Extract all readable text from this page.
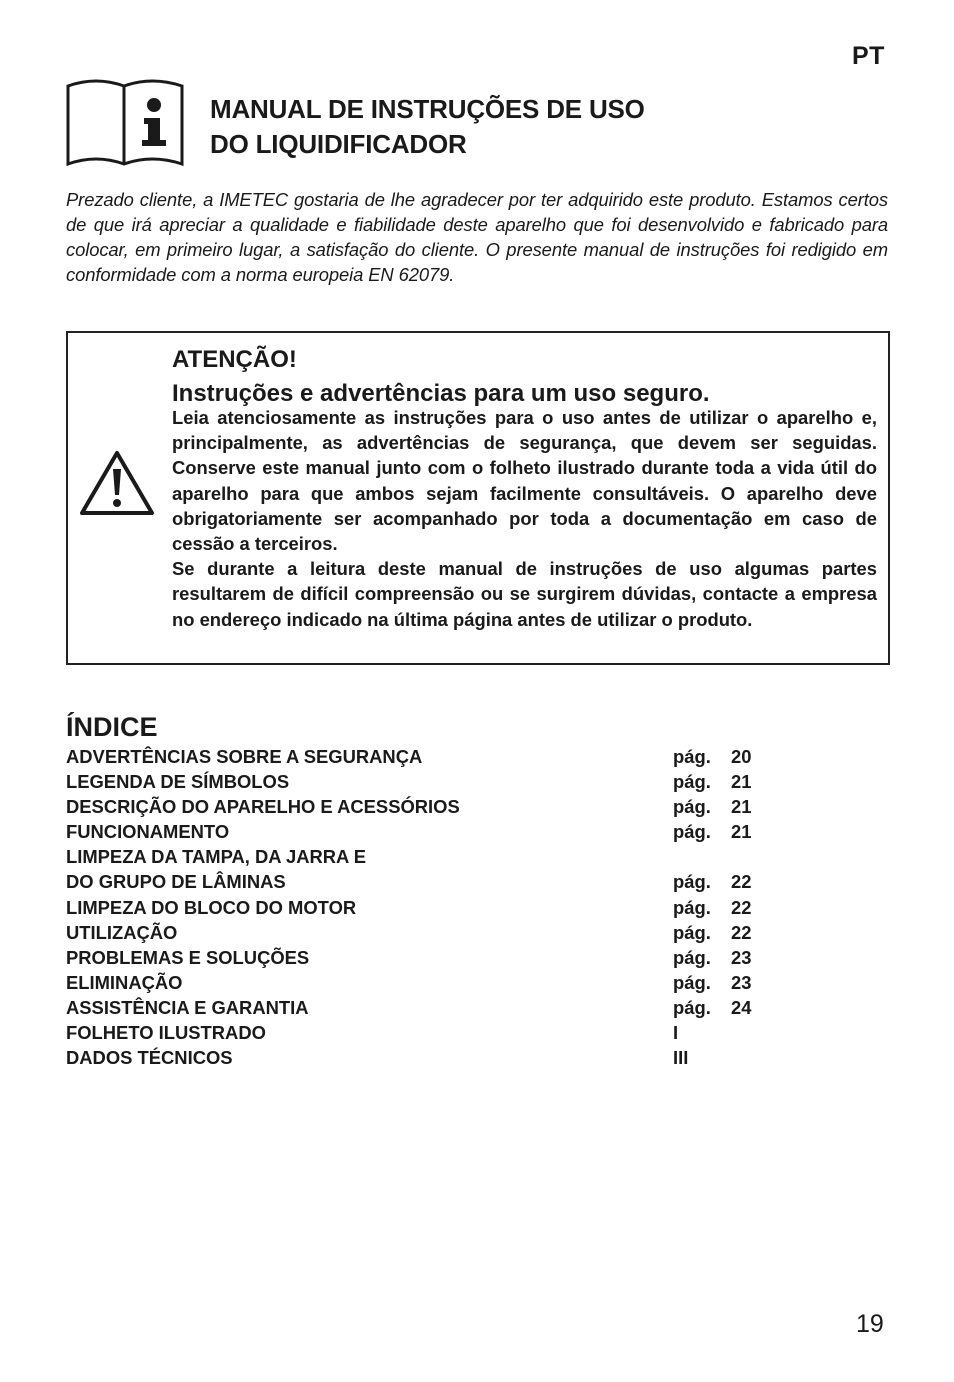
PT
MANUAL DE INSTRUÇÕES DE USO
DO LIQUIDIFICADOR
Prezado cliente, a IMETEC gostaria de lhe agradecer por ter adquirido este produto. Estamos certos de que irá apreciar a qualidade e fiabilidade deste aparelho que foi desenvolvido e fabricado para colocar, em primeiro lugar, a satisfação do cliente. O presente manual de instruções foi redigido em conformidade com a norma europeia EN 62079.
ATENÇÃO!
Instruções e advertências para um uso seguro.

Leia atenciosamente as instruções para o uso antes de utilizar o aparelho e, principalmente, as advertências de segurança, que devem ser seguidas. Conserve este manual junto com o folheto ilustrado durante toda a vida útil do aparelho para que ambos sejam facilmente consultáveis. O aparelho deve obrigatoriamente ser acompanhado por toda a documentação em caso de cessão a terceiros.

Se durante a leitura deste manual de instruções de uso algumas partes resultarem de difícil compreensão ou se surgirem dúvidas, contacte a empresa no endereço indicado na última página antes de utilizar o produto.

ÍNDICE
ADVERTÊNCIAS SOBRE A SEGURANÇA	pág.	20
LEGENDA DE SÍMBOLOS	pág.	21
DESCRIÇÃO DO APARELHO E ACESSÓRIOS	pág.	21
FUNCIONAMENTO	pág.	21
LIMPEZA DA TAMPA, DA JARRA E
DO GRUPO DE LÂMINAS	pág.	22
LIMPEZA DO BLOCO DO MOTOR	pág.	22
UTILIZAÇÃO	pág.	22
PROBLEMAS E SOLUÇÕES	pág.	23
ELIMINAÇÃO	pág.	23
ASSISTÊNCIA E GARANTIA	pág.	24
FOLHETO ILUSTRADO	I
DADOS TÉCNICOS	III
19
